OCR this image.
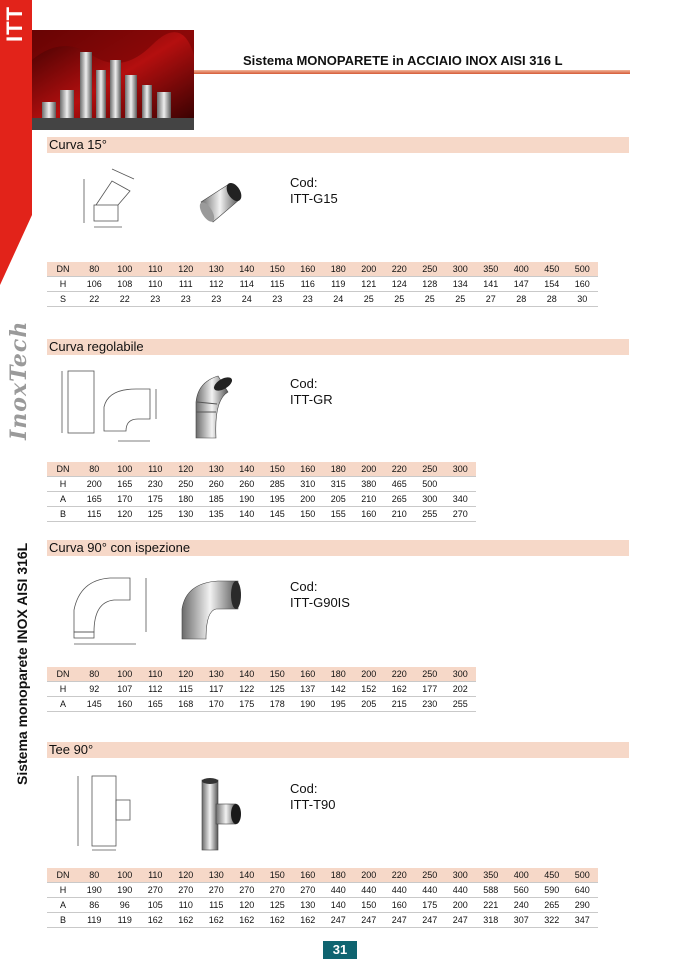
ITT
InoxTech
Sistema monoparete INOX AISI 316L
Sistema MONOPARETE in ACCIAIO INOX AISI 316 L
Curva 15°
Cod:
ITT-G15
DN	80	100	110	120	130	140	150	160	180	200	220	250	300	350	400	450	500
H	106	108	110	111	112	114	115	116	119	121	124	128	134	141	147	154	160
S	22	22	23	23	23	24	23	23	24	25	25	25	25	27	28	28	30
Curva regolabile
Cod:
ITT-GR
DN	80	100	110	120	130	140	150	160	180	200	220	250	300
H	200	165	230	250	260	260	285	310	315	380	465	500	
A	165	170	175	180	185	190	195	200	205	210	265	300	340
B	115	120	125	130	135	140	145	150	155	160	210	255	270
Curva 90° con ispezione
Cod:
ITT-G90IS
DN	80	100	110	120	130	140	150	160	180	200	220	250	300
H	92	107	112	115	117	122	125	137	142	152	162	177	202
A	145	160	165	168	170	175	178	190	195	205	215	230	255
Tee 90°
Cod:
ITT-T90
DN	80	100	110	120	130	140	150	160	180	200	220	250	300	350	400	450	500
H	190	190	270	270	270	270	270	270	440	440	440	440	440	588	560	590	640
A	86	96	105	110	115	120	125	130	140	150	160	175	200	221	240	265	290
B	119	119	162	162	162	162	162	162	247	247	247	247	247	318	307	322	347
31
